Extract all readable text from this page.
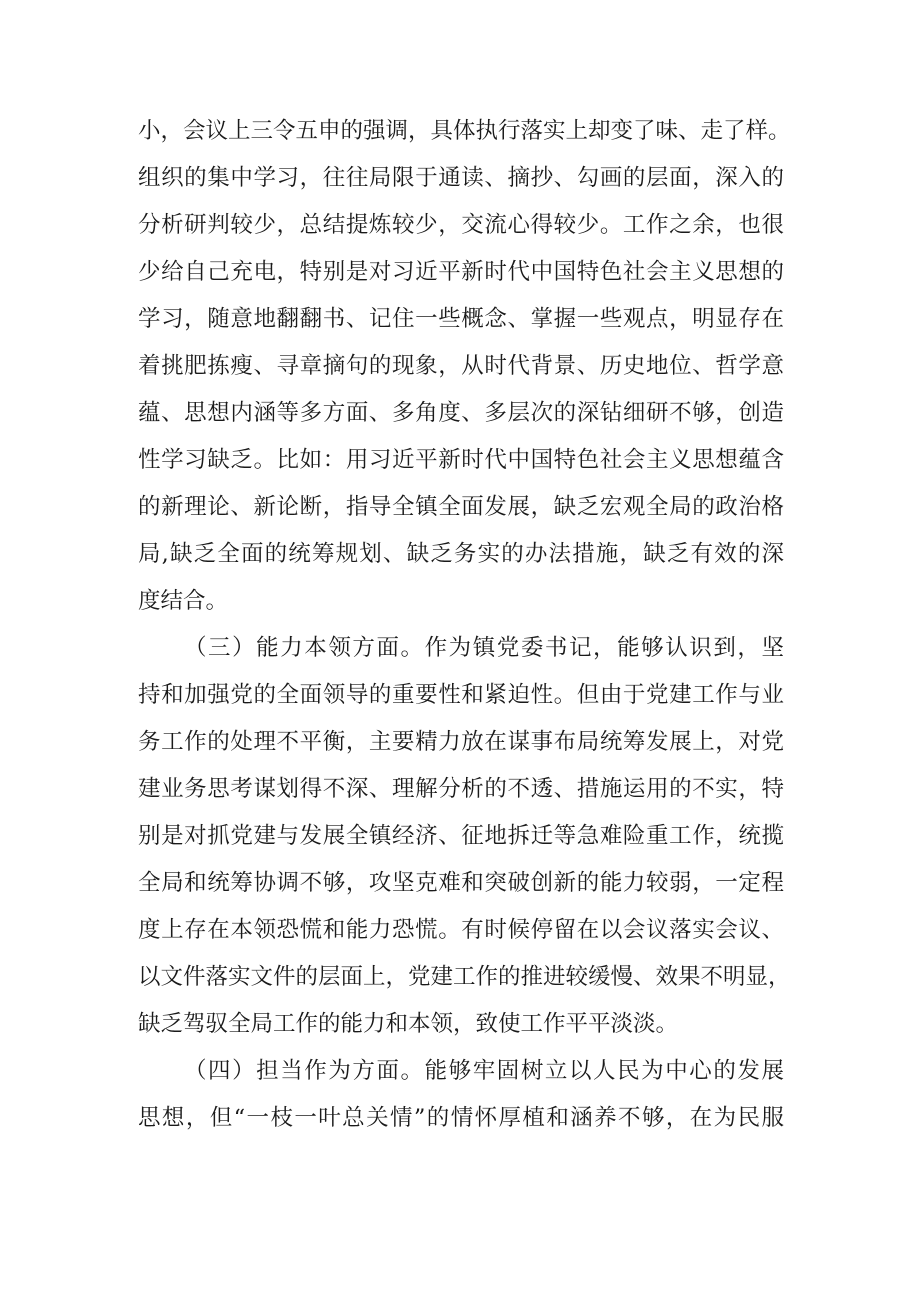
小，会议上三令五申的强调，具体执行落实上却变了味、走了样。
组织的集中学习，往往局限于通读、摘抄、勾画的层面，深入的
分析研判较少，总结提炼较少，交流心得较少。工作之余，也很
少给自己充电，特别是对习近平新时代中国特色社会主义思想的
学习，随意地翻翻书、记住一些概念、掌握一些观点，明显存在
着挑肥拣瘦、寻章摘句的现象，从时代背景、历史地位、哲学意
蕴、思想内涵等多方面、多角度、多层次的深钻细研不够，创造
性学习缺乏。比如：用习近平新时代中国特色社会主义思想蕴含
的新理论、新论断，指导全镇全面发展，缺乏宏观全局的政治格
局,缺乏全面的统筹规划、缺乏务实的办法措施，缺乏有效的深
度结合。
（三）能力本领方面。作为镇党委书记，能够认识到，坚
持和加强党的全面领导的重要性和紧迫性。但由于党建工作与业
务工作的处理不平衡，主要精力放在谋事布局统筹发展上，对党
建业务思考谋划得不深、理解分析的不透、措施运用的不实，特
别是对抓党建与发展全镇经济、征地拆迁等急难险重工作，统揽
全局和统筹协调不够，攻坚克难和突破创新的能力较弱，一定程
度上存在本领恐慌和能力恐慌。有时候停留在以会议落实会议、
以文件落实文件的层面上，党建工作的推进较缓慢、效果不明显，
缺乏驾驭全局工作的能力和本领，致使工作平平淡淡。
（四）担当作为方面。能够牢固树立以人民为中心的发展
思想，但“一枝一叶总关情”的情怀厚植和涵养不够，在为民服
